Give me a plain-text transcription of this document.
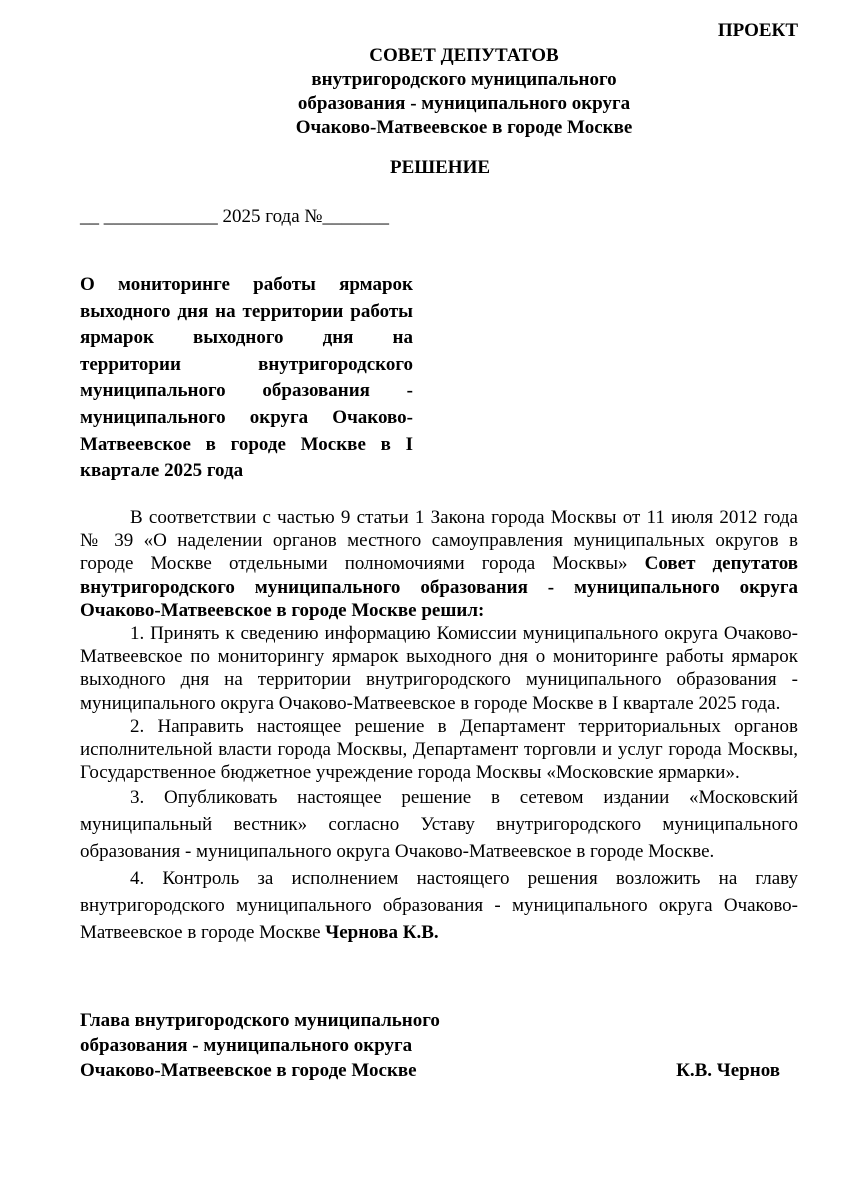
ПРОЕКТ
СОВЕТ ДЕПУТАТОВ
внутригородского муниципального
образования - муниципального округа
Очаково-Матвеевское в городе Москве
РЕШЕНИЕ
__ ____________ 2025 года №_______
О мониторинге работы ярмарок выходного дня на территории работы ярмарок выходного дня на территории внутригородского муниципального образования - муниципального округа Очаково-Матвеевское в городе Москве в I
квартале 2025 года

В соответствии с частью 9 статьи 1 Закона города Москвы от 11 июля 2012 года № 39 «О наделении органов местного самоуправления муниципальных округов в городе Москве отдельными полномочиями города Москвы» Совет депутатов внутригородского муниципального образования - муниципального округа Очаково-Матвеевское в городе Москве решил:

1. Принять к сведению информацию Комиссии муниципального округа Очаково-Матвеевское по мониторингу ярмарок выходного дня о мониторинге работы ярмарок выходного дня на территории внутригородского муниципального образования - муниципального округа Очаково-Матвеевское в городе Москве в I квартале 2025 года.

2. Направить настоящее решение в Департамент территориальных органов исполнительной власти города Москвы, Департамент торговли и услуг города Москвы, Государственное бюджетное учреждение города Москвы «Московские ярмарки».

3. Опубликовать настоящее решение в сетевом издании «Московский муниципальный вестник» согласно Уставу внутригородского муниципального образования - муниципального округа Очаково-Матвеевское в городе Москве.

4. Контроль за исполнением настоящего решения возложить на главу внутригородского муниципального образования - муниципального округа Очаково-Матвеевское в городе Москве Чернова К.В.

Глава внутригородского муниципального
образования - муниципального округа
Очаково-Матвеевское в городе Москве	К.В. Чернов
